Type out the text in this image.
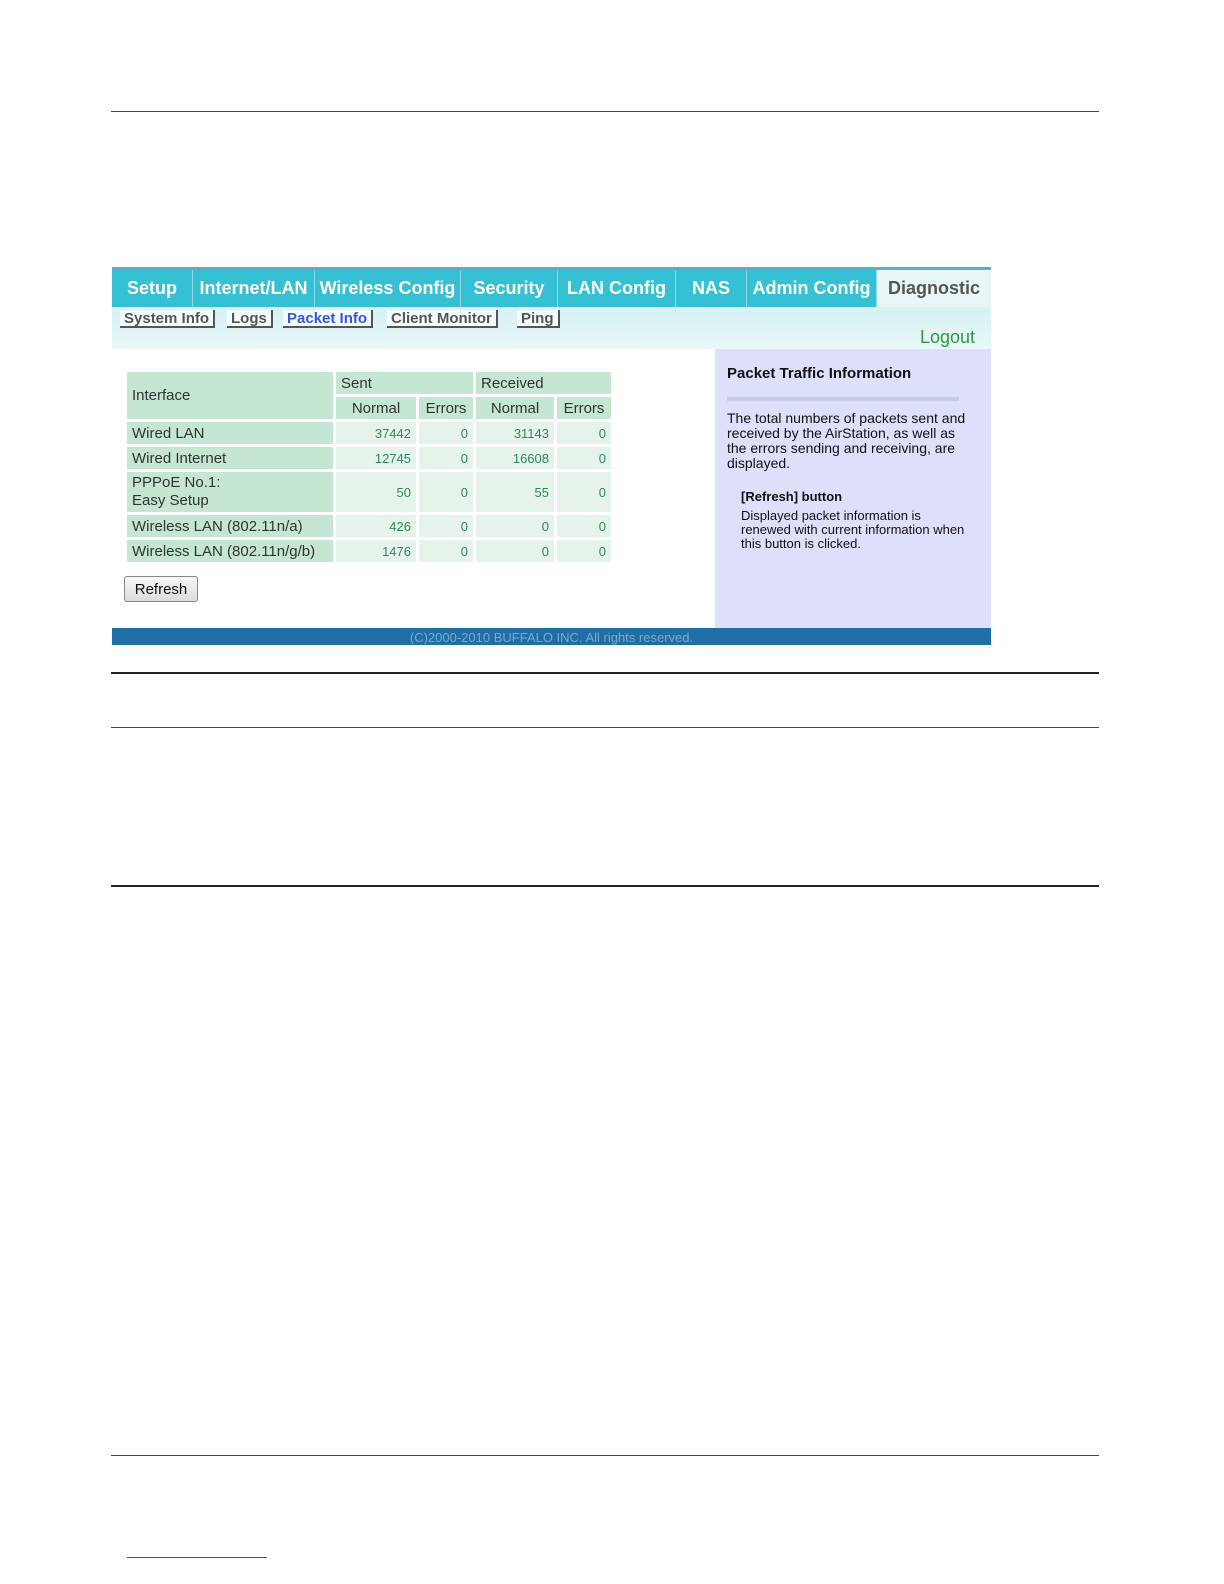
Setup	Internet/LAN Wireless Config	Security	LAN Config	NAS	Admin Config Diagnostic
System Info	Logs	Packet Info	Client Monitor	Ping
Logout
Interface	Sent		Received	
	Normal	Errors	Normal	Errors
Wired LAN	37442	0	31143	0
Wired Internet	12745	0	16608	0

PPPoE No.1:
Easy Setup	50	0	55	0
Wireless LAN (802.11n/a)	426	0	0	0
Wireless LAN (802.11n/g/b)	1476	0	0	0
Refresh
Packet Traffic Information
The total numbers of packets sent and received by the AirStation, as well as the errors sending and receiving, are displayed.
[Refresh] button
Displayed packet information is renewed with current information when this button is clicked.
(C)2000-2010 BUFFALO INC. All rights reserved.
